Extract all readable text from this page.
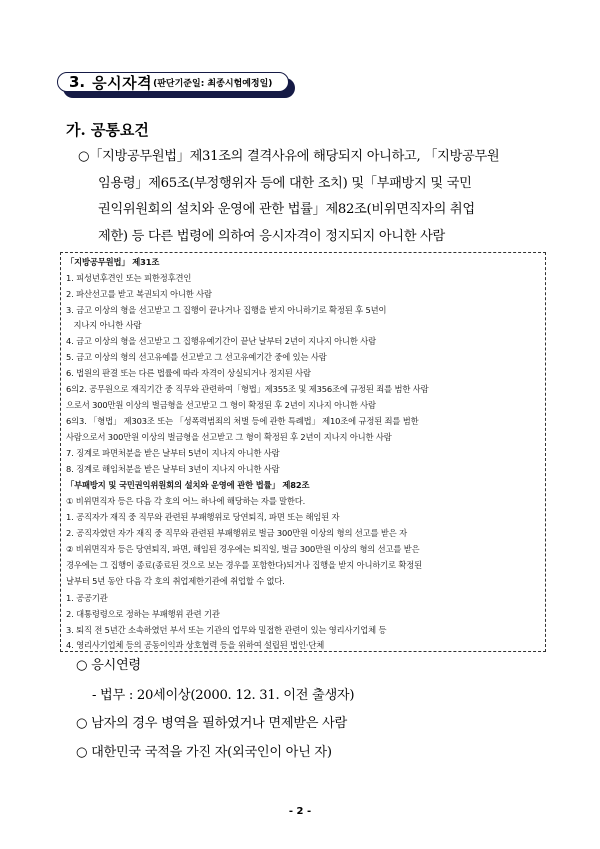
3. 응시자격 (판단기준일: 최종시험예정일)
가. 공통요건
○「지방공무원법」제31조의 결격사유에 해당되지 아니하고, 「지방공무원
임용령」제65조(부정행위자 등에 대한 조치) 및「부패방지 및 국민
권익위원회의 설치와 운영에 관한 법률」제82조(비위면직자의 취업
제한) 등 다른 법령에 의하여 응시자격이 정지되지 아니한 사람
「지방공무원법」 제31조
1. 피성년후견인 또는 피한정후견인
2. 파산선고를 받고 복권되지 아니한 사람
3. 금고 이상의 형을 선고받고 그 집행이 끝나거나 집행을 받지 아니하기로 확정된 후 5년이
지나지 아니한 사람
4. 금고 이상의 형을 선고받고 그 집행유예기간이 끝난 날부터 2년이 지나지 아니한 사람
5. 금고 이상의 형의 선고유예를 선고받고 그 선고유예기간 중에 있는 사람
6. 법원의 판결 또는 다른 법률에 따라 자격이 상실되거나 정지된 사람
6의2. 공무원으로 재직기간 중 직무와 관련하여「형법」제355조 및 제356조에 규정된 죄를 범한 사람
으로서 300만원 이상의 벌금형을 선고받고 그 형이 확정된 후 2년이 지나지 아니한 사람
6의3. 「형법」 제303조 또는 「성폭력범죄의 처벌 등에 관한 특례법」 제10조에 규정된 죄를 범한
사람으로서 300만원 이상의 벌금형을 선고받고 그 형이 확정된 후 2년이 지나지 아니한 사람
7. 징계로 파면처분을 받은 날부터 5년이 지나지 아니한 사람
8. 징계로 해임처분을 받은 날부터 3년이 지나지 아니한 사람
「부패방지 및 국민권익위원회의 설치와 운영에 관한 법률」 제82조
① 비위면직자 등은 다음 각 호의 어느 하나에 해당하는 자를 말한다.
1. 공직자가 재직 중 직무와 관련된 부패행위로 당연퇴직, 파면 또는 해임된 자
2. 공직자였던 자가 재직 중 직무와 관련된 부패행위로 벌금 300만원 이상의 형의 선고를 받은 자
② 비위면직자 등은 당연퇴직, 파면, 해임된 경우에는 퇴직일, 벌금 300만원 이상의 형의 선고를 받은
경우에는 그 집행이 종료(종료된 것으로 보는 경우를 포함한다)되거나 집행을 받지 아니하기로 확정된
날부터 5년 동안 다음 각 호의 취업제한기관에 취업할 수 없다.
1. 공공기관
2. 대통령령으로 정하는 부패행위 관련 기관
3. 퇴직 전 5년간 소속하였던 부서 또는 기관의 업무와 밀접한 관련이 있는 영리사기업체 등
4. 영리사기업체 등의 공동이익과 상호협력 등을 위하여 설립된 법인·단체
○ 응시연령
- 법무 : 20세이상(2000. 12. 31. 이전 출생자)
○ 남자의 경우 병역을 필하였거나 면제받은 사람
○ 대한민국 국적을 가진 자(외국인이 아닌 자)
- 2 -
